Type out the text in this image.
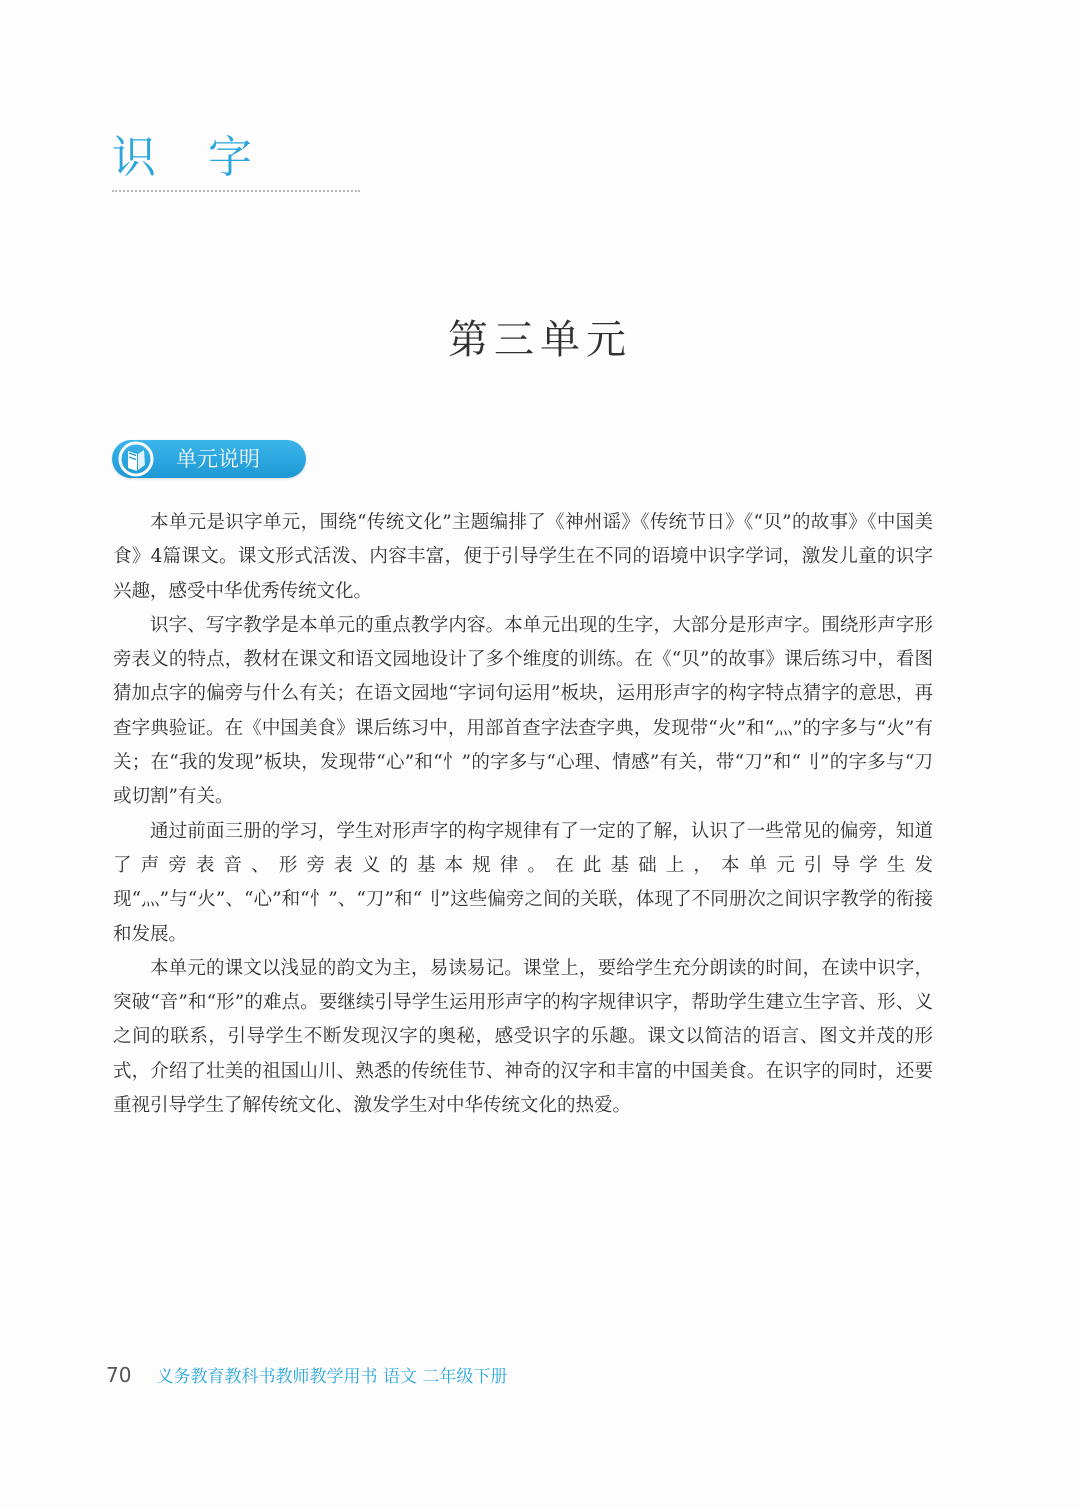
识字
第三单元
单元说明

本单元是识字单元，围绕“传统文化”主题编排了《神州谣》《传统节日》《“贝”的故事》《中国美食》4篇课文。课文形式活泼、内容丰富，便于引导学生在不同的语境中识字学词，激发儿童的识字兴趣，感受中华优秀传统文化。

识字、写字教学是本单元的重点教学内容。本单元出现的生字，大部分是形声字。围绕形声字形旁表义的特点，教材在课文和语文园地设计了多个维度的训练。在《“贝”的故事》课后练习中，看图猜加点字的偏旁与什么有关；在语文园地“字词句运用”板块，运用形声字的构字特点猜字的意思，再查字典验证。在《中国美食》课后练习中，用部首查字法查字典，发现带“火”和“灬”的字多与“火”有关；在“我的发现”板块，发现带“心”和“忄”的字多与“心理、情感”有关，带“刀”和“刂”的字多与“刀或切割”有关。

通过前面三册的学习，学生对形声字的构字规律有了一定的了解，认识了一些常见的偏旁，知道了声旁表音、形旁表义的基本规律。在此基础上，本单元引导学生发现“灬”与“火”、“心”和“忄”、“刀”和“刂”这些偏旁之间的关联，体现了不同册次之间识字教学的衔接和发展。

本单元的课文以浅显的韵文为主，易读易记。课堂上，要给学生充分朗读的时间，在读中识字，突破“音”和“形”的难点。要继续引导学生运用形声字的构字规律识字，帮助学生建立生字音、形、义之间的联系，引导学生不断发现汉字的奥秘，感受识字的乐趣。课文以简洁的语言、图文并茂的形式，介绍了壮美的祖国山川、熟悉的传统佳节、神奇的汉字和丰富的中国美食。在识字的同时，还要重视引导学生了解传统文化、激发学生对中华传统文化的热爱。

70 义务教育教科书教师教学用书 语文 二年级下册
